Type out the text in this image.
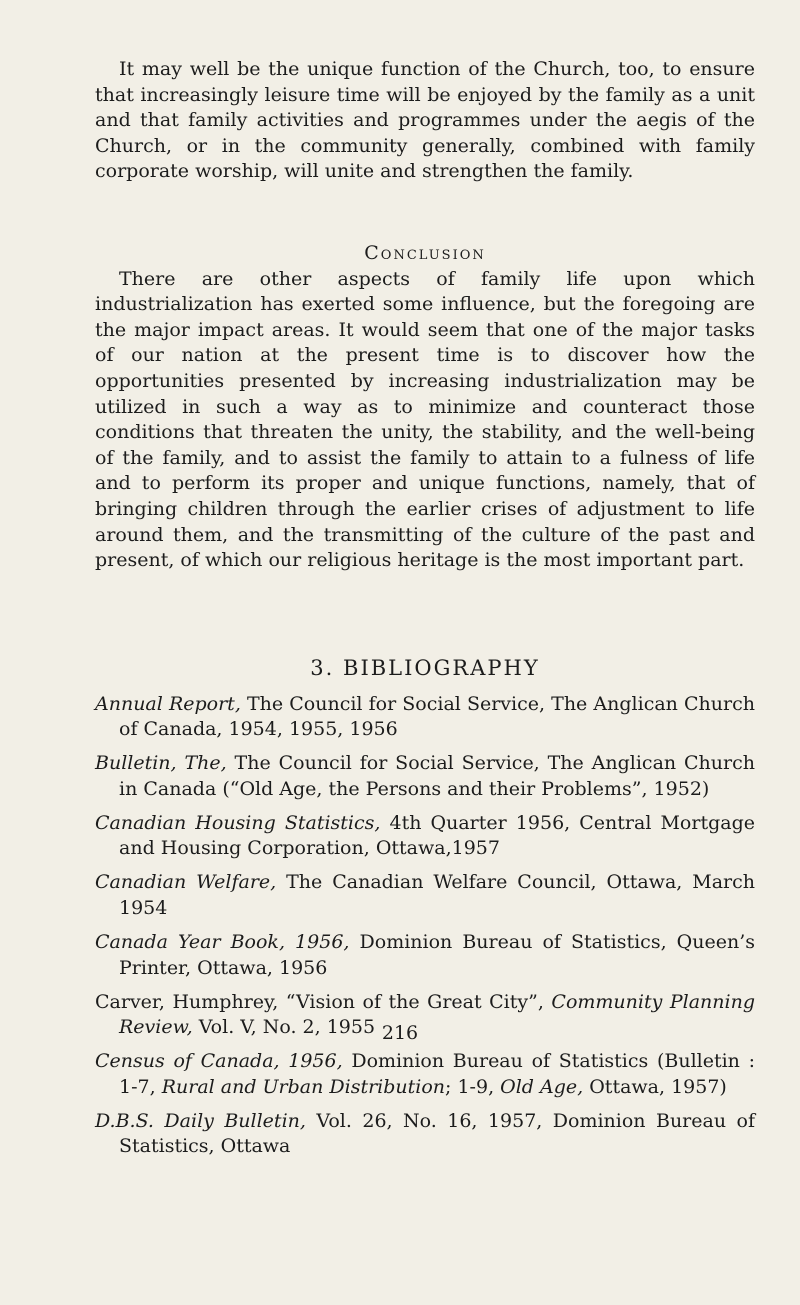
It may well be the unique function of the Church, too, to ensure that increasingly leisure time will be enjoyed by the family as a unit and that family activities and programmes under the aegis of the Church, or in the community generally, combined with family corporate worship, will unite and strengthen the family.

Conclusion

There are other aspects of family life upon which industrialization has exerted some influence, but the foregoing are the major impact areas. It would seem that one of the major tasks of our nation at the present time is to discover how the opportunities presented by increasing industrialization may be utilized in such a way as to minimize and counteract those conditions that threaten the unity, the stability, and the well-being of the family, and to assist the family to attain to a fulness of life and to perform its proper and unique functions, namely, that of bringing children through the earlier crises of adjustment to life around them, and the transmitting of the culture of the past and present, of which our religious heritage is the most important part.

3. BIBLIOGRAPHY
Annual Report, The Council for Social Service, The Anglican Church of Canada, 1954, 1955, 1956
Bulletin, The, The Council for Social Service, The Anglican Church in Canada (“Old Age, the Persons and their Problems”, 1952)
Canadian Housing Statistics, 4th Quarter 1956, Central Mortgage and Housing Corporation, Ottawa,1957
Canadian Welfare, The Canadian Welfare Council, Ottawa, March 1954
Canada Year Book, 1956, Dominion Bureau of Statistics, Queen’s Printer, Ottawa, 1956
Carver, Humphrey, “Vision of the Great City”, Community Planning Review, Vol. V, No. 2, 1955
Census of Canada, 1956, Dominion Bureau of Statistics (Bulletin : 1-7, Rural and Urban Distribution; 1-9, Old Age, Ottawa, 1957)
D.B.S. Daily Bulletin, Vol. 26, No. 16, 1957, Dominion Bureau of Statistics, Ottawa
216
